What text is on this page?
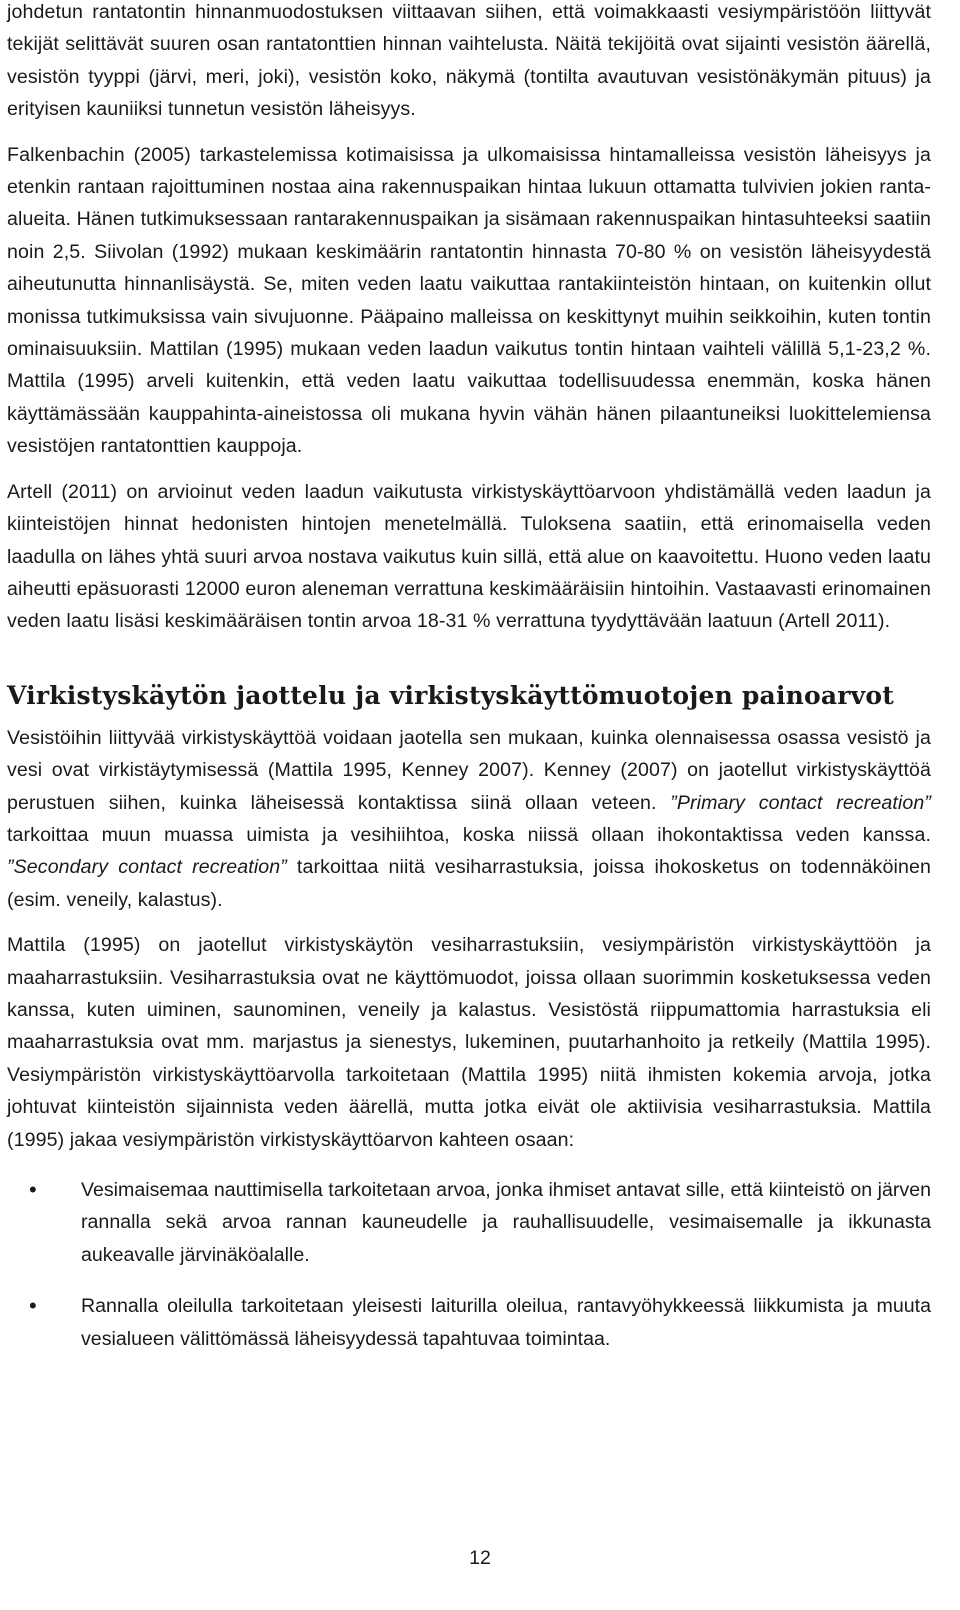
johdetun rantatontin hinnanmuodostuksen viittaavan siihen, että voimakkaasti vesiympäristöön liittyvät tekijät selittävät suuren osan rantatonttien hinnan vaihtelusta. Näitä tekijöitä ovat sijainti vesistön äärellä, vesistön tyyppi (järvi, meri, joki), vesistön koko, näkymä (tontilta avautuvan vesistönäkymän pituus) ja erityisen kauniiksi tunnetun vesistön läheisyys.

Falkenbachin (2005) tarkastelemissa kotimaisissa ja ulkomaisissa hintamalleissa vesistön läheisyys ja etenkin rantaan rajoittuminen nostaa aina rakennuspaikan hintaa lukuun ottamatta tulvivien jokien ranta-alueita. Hänen tutkimuksessaan rantarakennuspaikan ja sisämaan rakennuspaikan hintasuhteeksi saatiin noin 2,5. Siivolan (1992) mukaan keskimäärin rantatontin hinnasta 70-80 % on vesistön läheisyydestä aiheutunutta hinnanlisäystä. Se, miten veden laatu vaikuttaa rantakiinteistön hintaan, on kuitenkin ollut monissa tutkimuksissa vain sivujuonne. Pääpaino malleissa on keskittynyt muihin seikkoihin, kuten tontin ominaisuuksiin. Mattilan (1995) mukaan veden laadun vaikutus tontin hintaan vaihteli välillä 5,1-23,2 %. Mattila (1995) arveli kuitenkin, että veden laatu vaikuttaa todellisuudessa enemmän, koska hänen käyttämässään kauppahinta-aineistossa oli mukana hyvin vähän hänen pilaantuneiksi luokittelemiensa vesistöjen rantatonttien kauppoja.

Artell (2011) on arvioinut veden laadun vaikutusta virkistyskäyttöarvoon yhdistämällä veden laadun ja kiinteistöjen hinnat hedonisten hintojen menetelmällä. Tuloksena saatiin, että erinomaisella veden laadulla on lähes yhtä suuri arvoa nostava vaikutus kuin sillä, että alue on kaavoitettu. Huono veden laatu aiheutti epäsuorasti 12000 euron aleneman verrattuna keskimääräisiin hintoihin. Vastaavasti erinomainen veden laatu lisäsi keskimääräisen tontin arvoa 18-31 % verrattuna tyydyttävään laatuun (Artell 2011).

Virkistyskäytön jaottelu ja virkistyskäyttömuotojen painoarvot

Vesistöihin liittyvää virkistyskäyttöä voidaan jaotella sen mukaan, kuinka olennaisessa osassa vesistö ja vesi ovat virkistäytymisessä (Mattila 1995, Kenney 2007). Kenney (2007) on jaotellut virkistyskäyttöä perustuen siihen, kuinka läheisessä kontaktissa siinä ollaan veteen. ”Primary contact recreation” tarkoittaa muun muassa uimista ja vesihiihtoa, koska niissä ollaan ihokontaktissa veden kanssa. ”Secondary contact recreation” tarkoittaa niitä vesiharrastuksia, joissa ihokosketus on todennäköinen (esim. veneily, kalastus).

Mattila (1995) on jaotellut virkistyskäytön vesiharrastuksiin, vesiympäristön virkistyskäyttöön ja maaharrastuksiin. Vesiharrastuksia ovat ne käyttömuodot, joissa ollaan suorimmin kosketuksessa veden kanssa, kuten uiminen, saunominen, veneily ja kalastus. Vesistöstä riippumattomia harrastuksia eli maaharrastuksia ovat mm. marjastus ja sienestys, lukeminen, puutarhanhoito ja retkeily (Mattila 1995). Vesiympäristön virkistyskäyttöarvolla tarkoitetaan (Mattila 1995) niitä ihmisten kokemia arvoja, jotka johtuvat kiinteistön sijainnista veden äärellä, mutta jotka eivät ole aktiivisia vesiharrastuksia. Mattila (1995) jakaa vesiympäristön virkistyskäyttöarvon kahteen osaan:

• Vesimaisemaa nauttimisella tarkoitetaan arvoa, jonka ihmiset antavat sille, että kiinteistö on järven rannalla sekä arvoa rannan kauneudelle ja rauhallisuudelle, vesimaisemalle ja ikkunasta aukeavalle järvinäköalalle.
• Rannalla oleilulla tarkoitetaan yleisesti laiturilla oleilua, rantavyöhykkeessä liikkumista ja muuta vesialueen välittömässä läheisyydessä tapahtuvaa toimintaa.
12
